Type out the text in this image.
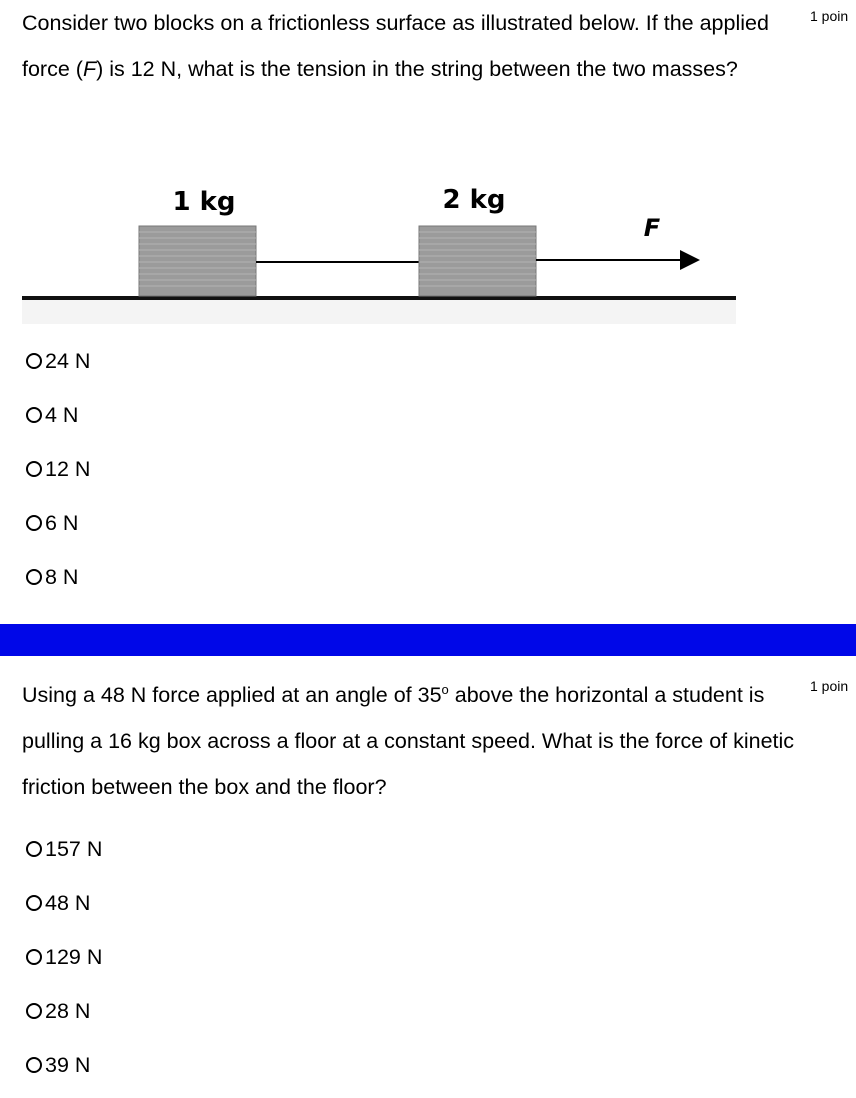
Consider two blocks on a frictionless surface as illustrated below. If the applied force (F) is 12 N, what is the tension in the string between the two masses?

1 poin
1 kg	2 kg
F
24 N
4 N
12 N
6 N
8 N

Using a 48 N force applied at an angle of 35$^o$ above the horizontal a student is pulling a 16 kg box across a floor at a constant speed. What is the force of kinetic friction between the box and the floor?

1 poin
157 N
48 N
129 N
28 N
39 N
